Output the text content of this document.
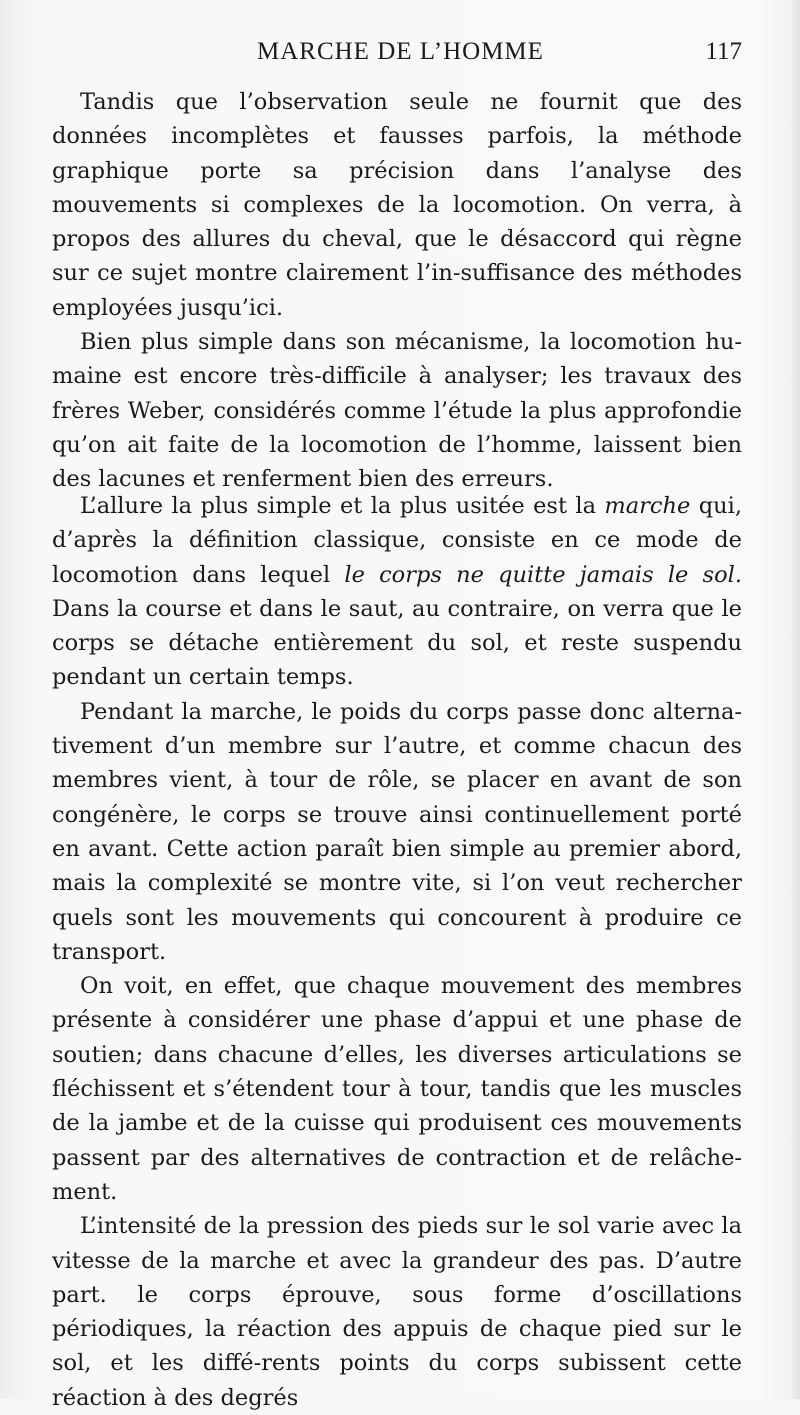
MARCHE DE L’HOMME	117

Tandis que l’observation seule ne fournit que des données incomplètes et fausses parfois, la méthode graphique porte sa précision dans l’analyse des mouvements si complexes de la locomotion. On verra, à propos des allures du cheval, que le désaccord qui règne sur ce sujet montre clairement l’in-suffisance des méthodes employées jusqu’ici.

Bien plus simple dans son mécanisme, la locomotion hu-maine est encore très-difficile à analyser; les travaux des frères Weber, considérés comme l’étude la plus approfondie qu’on ait faite de la locomotion de l’homme, laissent bien des lacunes et renferment bien des erreurs.

L’allure la plus simple et la plus usitée est la marche qui, d’après la définition classique, consiste en ce mode de locomotion dans lequel le corps ne quitte jamais le sol. Dans la course et dans le saut, au contraire, on verra que le corps se détache entièrement du sol, et reste suspendu pendant un certain temps.

Pendant la marche, le poids du corps passe donc alterna-tivement d’un membre sur l’autre, et comme chacun des membres vient, à tour de rôle, se placer en avant de son congénère, le corps se trouve ainsi continuellement porté en avant. Cette action paraît bien simple au premier abord, mais la complexité se montre vite, si l’on veut rechercher quels sont les mouvements qui concourent à produire ce transport.

On voit, en effet, que chaque mouvement des membres présente à considérer une phase d’appui et une phase de soutien; dans chacune d’elles, les diverses articulations se fléchissent et s’étendent tour à tour, tandis que les muscles de la jambe et de la cuisse qui produisent ces mouvements passent par des alternatives de contraction et de relâche-ment.

L’intensité de la pression des pieds sur le sol varie avec la vitesse de la marche et avec la grandeur des pas. D’autre part. le corps éprouve, sous forme d’oscillations périodiques, la réaction des appuis de chaque pied sur le sol, et les diffé-rents points du corps subissent cette réaction à des degrés
